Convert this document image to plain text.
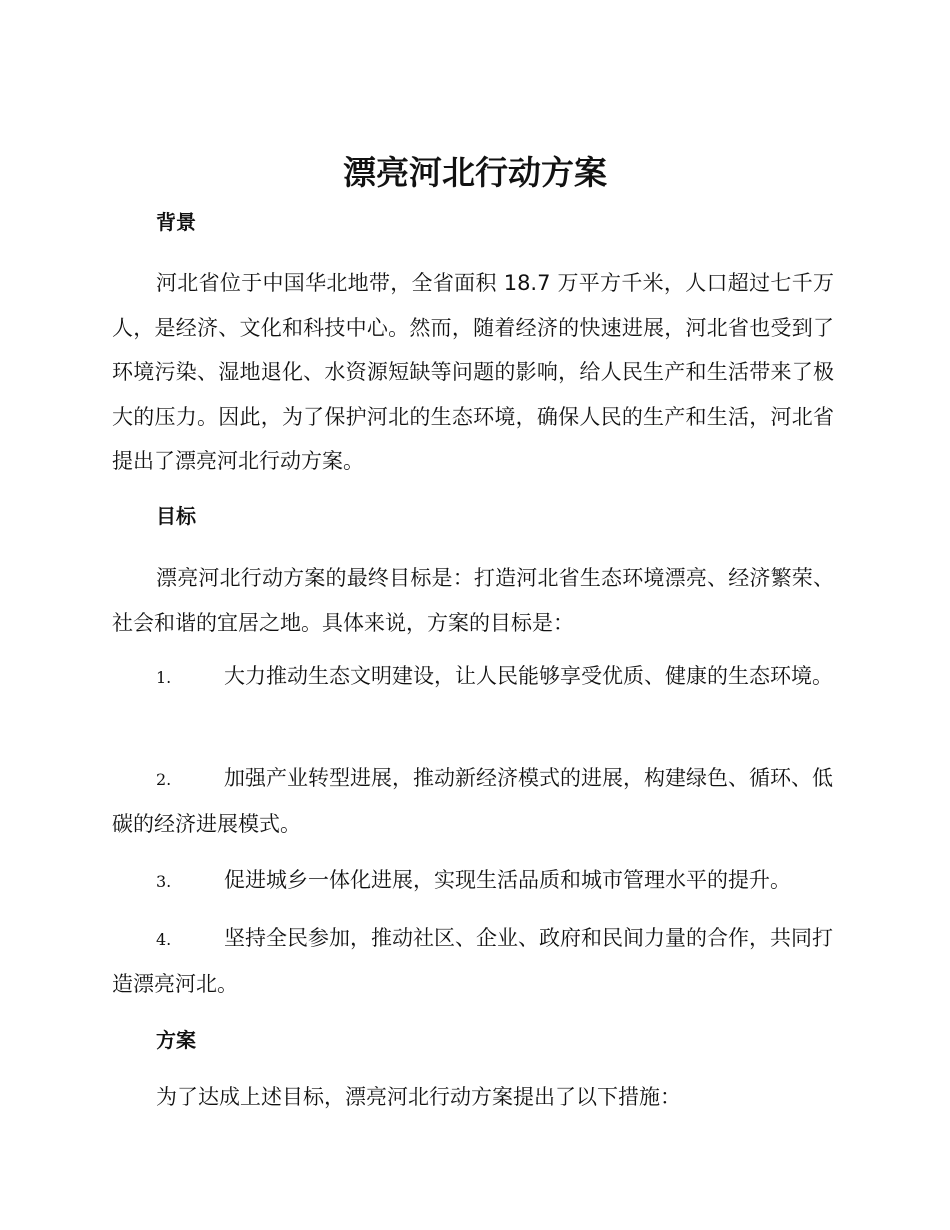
漂亮河北行动方案
背景

河北省位于中国华北地带，全省面积 18.7 万平方千米，人口超过七千万人，是经济、文化和科技中心。然而，随着经济的快速进展，河北省也受到了环境污染、湿地退化、水资源短缺等问题的影响，给人民生产和生活带来了极大的压力。因此，为了保护河北的生态环境，确保人民的生产和生活，河北省提出了漂亮河北行动方案。

目标

漂亮河北行动方案的最终目标是：打造河北省生态环境漂亮、经济繁荣、社会和谐的宜居之地。具体来说，方案的目标是：

1.	大力推动生态文明建设，让人民能够享受优质、健康的生态环境。

2.	加强产业转型进展，推动新经济模式的进展，构建绿色、循环、低碳的经济进展模式。

3.	促进城乡一体化进展，实现生活品质和城市管理水平的提升。

4.	坚持全民参加，推动社区、企业、政府和民间力量的合作，共同打造漂亮河北。

方案

为了达成上述目标，漂亮河北行动方案提出了以下措施：
